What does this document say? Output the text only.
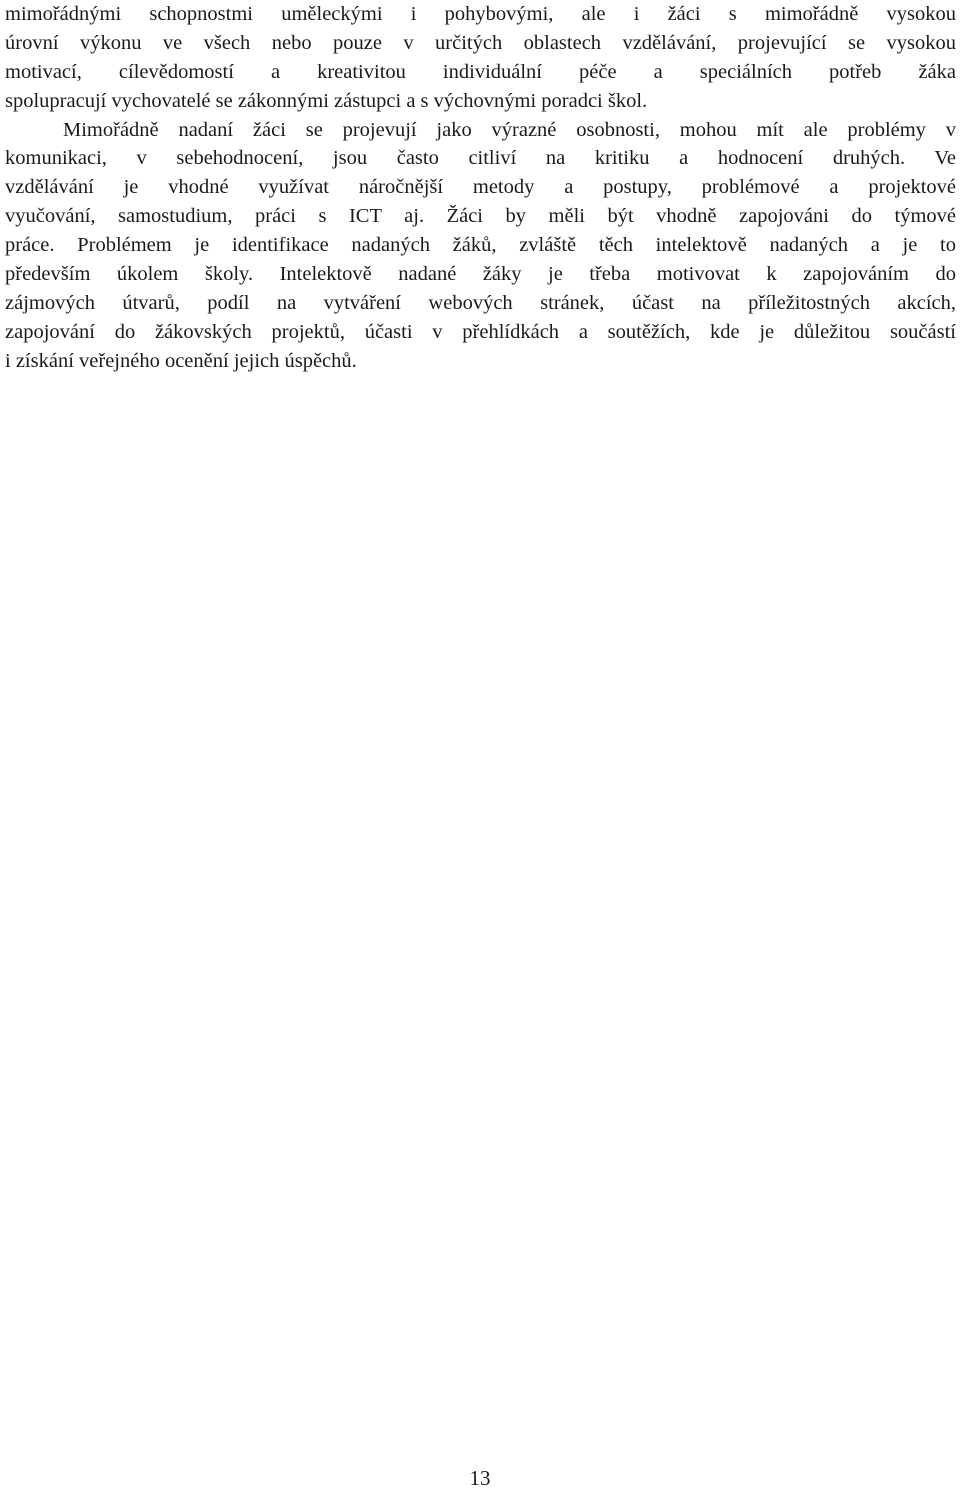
mimořádnými schopnostmi uměleckými i pohybovými, ale i žáci s mimořádně vysokou
úrovní výkonu ve všech nebo pouze v určitých oblastech vzdělávání, projevující se vysokou
motivací, cílevědomostí a kreativitou individuální péče a speciálních potřeb žáka
spolupracují vychovatelé se zákonnými zástupci a s výchovnými poradci škol.
Mimořádně nadaní žáci se projevují jako výrazné osobnosti, mohou mít ale problémy v
komunikaci, v sebehodnocení, jsou často citliví na kritiku a hodnocení druhých. Ve
vzdělávání je vhodné využívat náročnější metody a postupy, problémové a projektové
vyučování, samostudium, práci s ICT aj. Žáci by měli být vhodně zapojováni do týmové
práce. Problémem je identifikace nadaných žáků, zvláště těch intelektově nadaných a je to
především úkolem školy. Intelektově nadané žáky je třeba motivovat k zapojováním do
zájmových útvarů, podíl na vytváření webových stránek, účast na příležitostných akcích,
zapojování do žákovských projektů, účasti v přehlídkách a soutěžích, kde je důležitou součástí
i získání veřejného ocenění jejich úspěchů.
13
